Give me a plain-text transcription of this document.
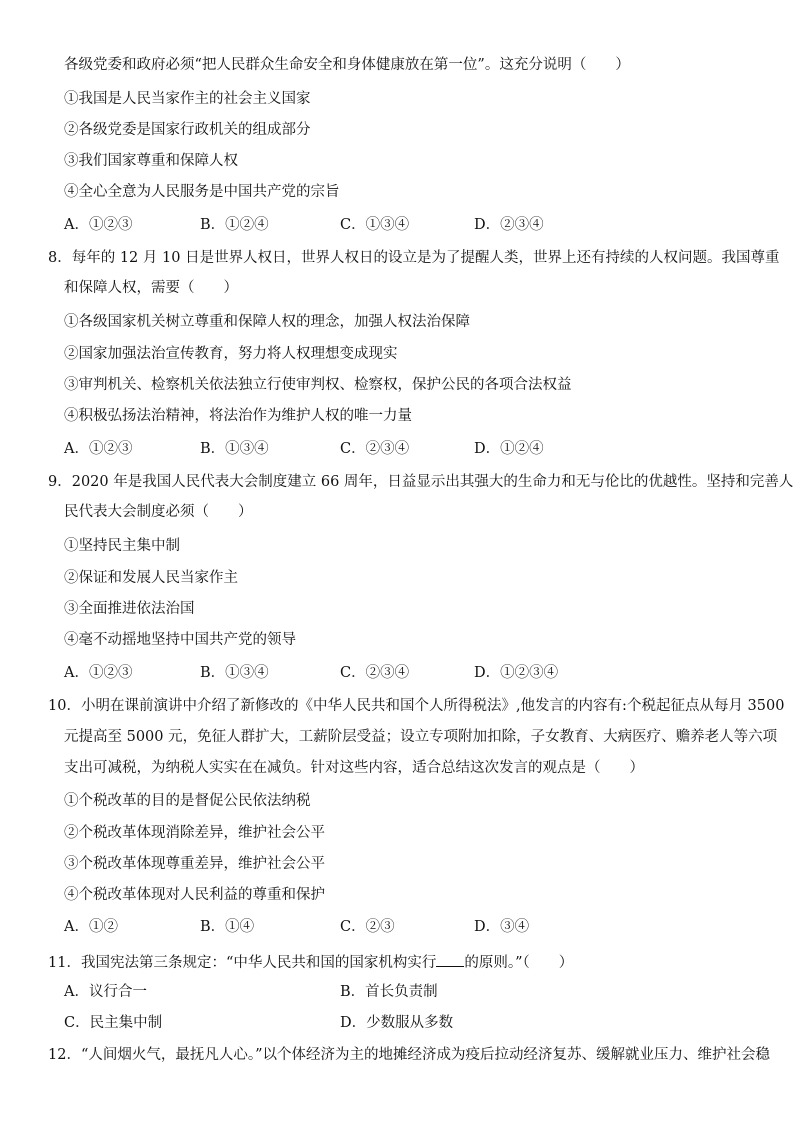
各级党委和政府必须“把人民群众生命安全和身体健康放在第一位”。这充分说明（　　）
①我国是人民当家作主的社会主义国家
②各级党委是国家行政机关的组成部分
③我们国家尊重和保障人权
④全心全意为人民服务是中国共产党的宗旨
A．①②③	B．①②④	C．①③④	D．②③④
8．每年的 12 月 10 日是世界人权日，世界人权日的设立是为了提醒人类，世界上还有持续的人权问题。我国尊重
和保障人权，需要（　　）
①各级国家机关树立尊重和保障人权的理念，加强人权法治保障
②国家加强法治宣传教育，努力将人权理想变成现实
③审判机关、检察机关依法独立行使审判权、检察权，保护公民的各项合法权益
④积极弘扬法治精神，将法治作为维护人权的唯一力量
A．①②③	B．①③④	C．②③④	D．①②④
9．2020 年是我国人民代表大会制度建立 66 周年，日益显示出其强大的生命力和无与伦比的优越性。坚持和完善人
民代表大会制度必须（　　）
①坚持民主集中制
②保证和发展人民当家作主
③全面推进依法治国
④毫不动摇地坚持中国共产党的领导
A．①②③	B．①③④	C．②③④	D．①②③④
10．小明在课前演讲中介绍了新修改的《中华人民共和国个人所得税法》,他发言的内容有:个税起征点从每月 3500
元提高至 5000 元，免征人群扩大，工薪阶层受益；设立专项附加扣除，子女教育、大病医疗、赡养老人等六项
支出可减税，为纳税人实实在在减负。针对这些内容，适合总结这次发言的观点是（　　）
①个税改革的目的是督促公民依法纳税
②个税改革体现消除差异，维护社会公平
③个税改革体现尊重差异，维护社会公平
④个税改革体现对人民利益的尊重和保护
A．①②	B．①④	C．②③	D．③④
11．我国宪法第三条规定：“中华人民共和国的国家机构实行 的原则。”（　　）
A．议行合一	B．首长负责制
C．民主集中制	D．少数服从多数
12．“人间烟火气，最抚凡人心。”以个体经济为主的地摊经济成为疫后拉动经济复苏、缓解就业压力、维护社会稳
